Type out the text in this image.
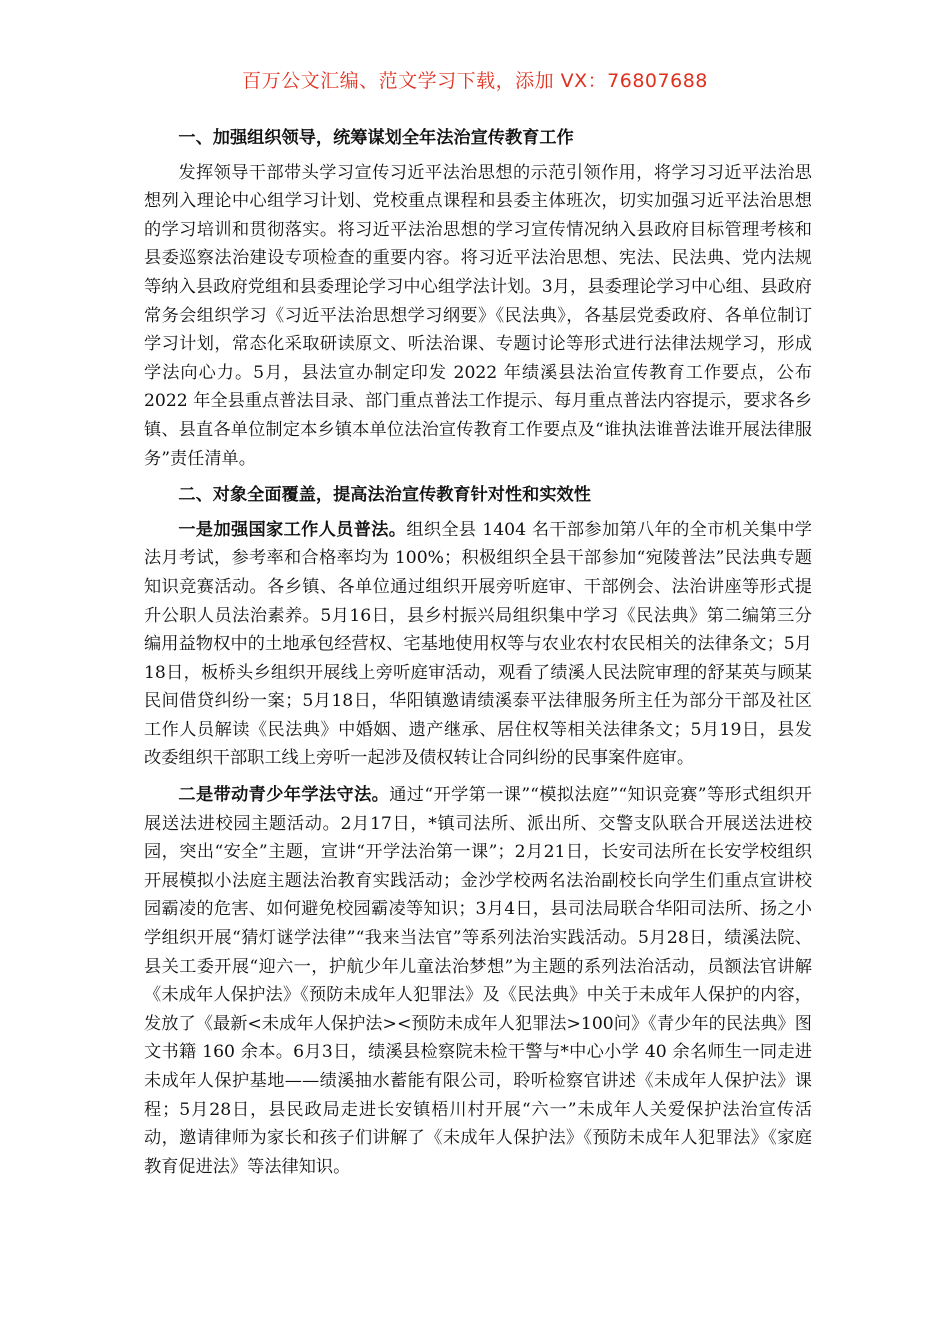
百万公文汇编、范文学习下载，添加 VX：76807688

一、加强组织领导，统筹谋划全年法治宣传教育工作

发挥领导干部带头学习宣传习近平法治思想的示范引领作用，将学习习近平法治思想列入理论中心组学习计划、党校重点课程和县委主体班次，切实加强习近平法治思想的学习培训和贯彻落实。将习近平法治思想的学习宣传情况纳入县政府目标管理考核和县委巡察法治建设专项检查的重要内容。将习近平法治思想、宪法、民法典、党内法规等纳入县政府党组和县委理论学习中心组学法计划。3月，县委理论学习中心组、县政府常务会组织学习《习近平法治思想学习纲要》《民法典》，各基层党委政府、各单位制订学习计划，常态化采取研读原文、听法治课、专题讨论等形式进行法律法规学习，形成学法向心力。5月，县法宣办制定印发 2022 年绩溪县法治宣传教育工作要点，公布 2022 年全县重点普法目录、部门重点普法工作提示、每月重点普法内容提示，要求各乡镇、县直各单位制定本乡镇本单位法治宣传教育工作要点及“谁执法谁普法谁开展法律服务”责任清单。

二、对象全面覆盖，提高法治宣传教育针对性和实效性

一是加强国家工作人员普法。组织全县 1404 名干部参加第八年的全市机关集中学法月考试，参考率和合格率均为 100%；积极组织全县干部参加“宛陵普法”民法典专题知识竞赛活动。各乡镇、各单位通过组织开展旁听庭审、干部例会、法治讲座等形式提升公职人员法治素养。5月16日，县乡村振兴局组织集中学习《民法典》第二编第三分编用益物权中的土地承包经营权、宅基地使用权等与农业农村农民相关的法律条文；5月18日，板桥头乡组织开展线上旁听庭审活动，观看了绩溪人民法院审理的舒某英与顾某民间借贷纠纷一案；5月18日，华阳镇邀请绩溪泰平法律服务所主任为部分干部及社区工作人员解读《民法典》中婚姻、遗产继承、居住权等相关法律条文；5月19日，县发改委组织干部职工线上旁听一起涉及债权转让合同纠纷的民事案件庭审。

二是带动青少年学法守法。通过“开学第一课”“模拟法庭”“知识竞赛”等形式组织开展送法进校园主题活动。2月17日，*镇司法所、派出所、交警支队联合开展送法进校园，突出“安全”主题，宣讲“开学法治第一课”；2月21日，长安司法所在长安学校组织开展模拟小法庭主题法治教育实践活动；金沙学校两名法治副校长向学生们重点宣讲校园霸凌的危害、如何避免校园霸凌等知识；3月4日，县司法局联合华阳司法所、扬之小学组织开展“猜灯谜学法律”“我来当法官”等系列法治实践活动。5月28日，绩溪法院、县关工委开展“迎六一，护航少年儿童法治梦想”为主题的系列法治活动，员额法官讲解《未成年人保护法》《预防未成年人犯罪法》及《民法典》中关于未成年人保护的内容，发放了《最新<未成年人保护法><预防未成年人犯罪法>100问》《青少年的民法典》图文书籍 160 余本。6月3日，绩溪县检察院未检干警与*中心小学 40 余名师生一同走进未成年人保护基地——绩溪抽水蓄能有限公司，聆听检察官讲述《未成年人保护法》课程；5月28日，县民政局走进长安镇梧川村开展“六一”未成年人关爱保护法治宣传活动，邀请律师为家长和孩子们讲解了《未成年人保护法》《预防未成年人犯罪法》《家庭教育促进法》等法律知识。
